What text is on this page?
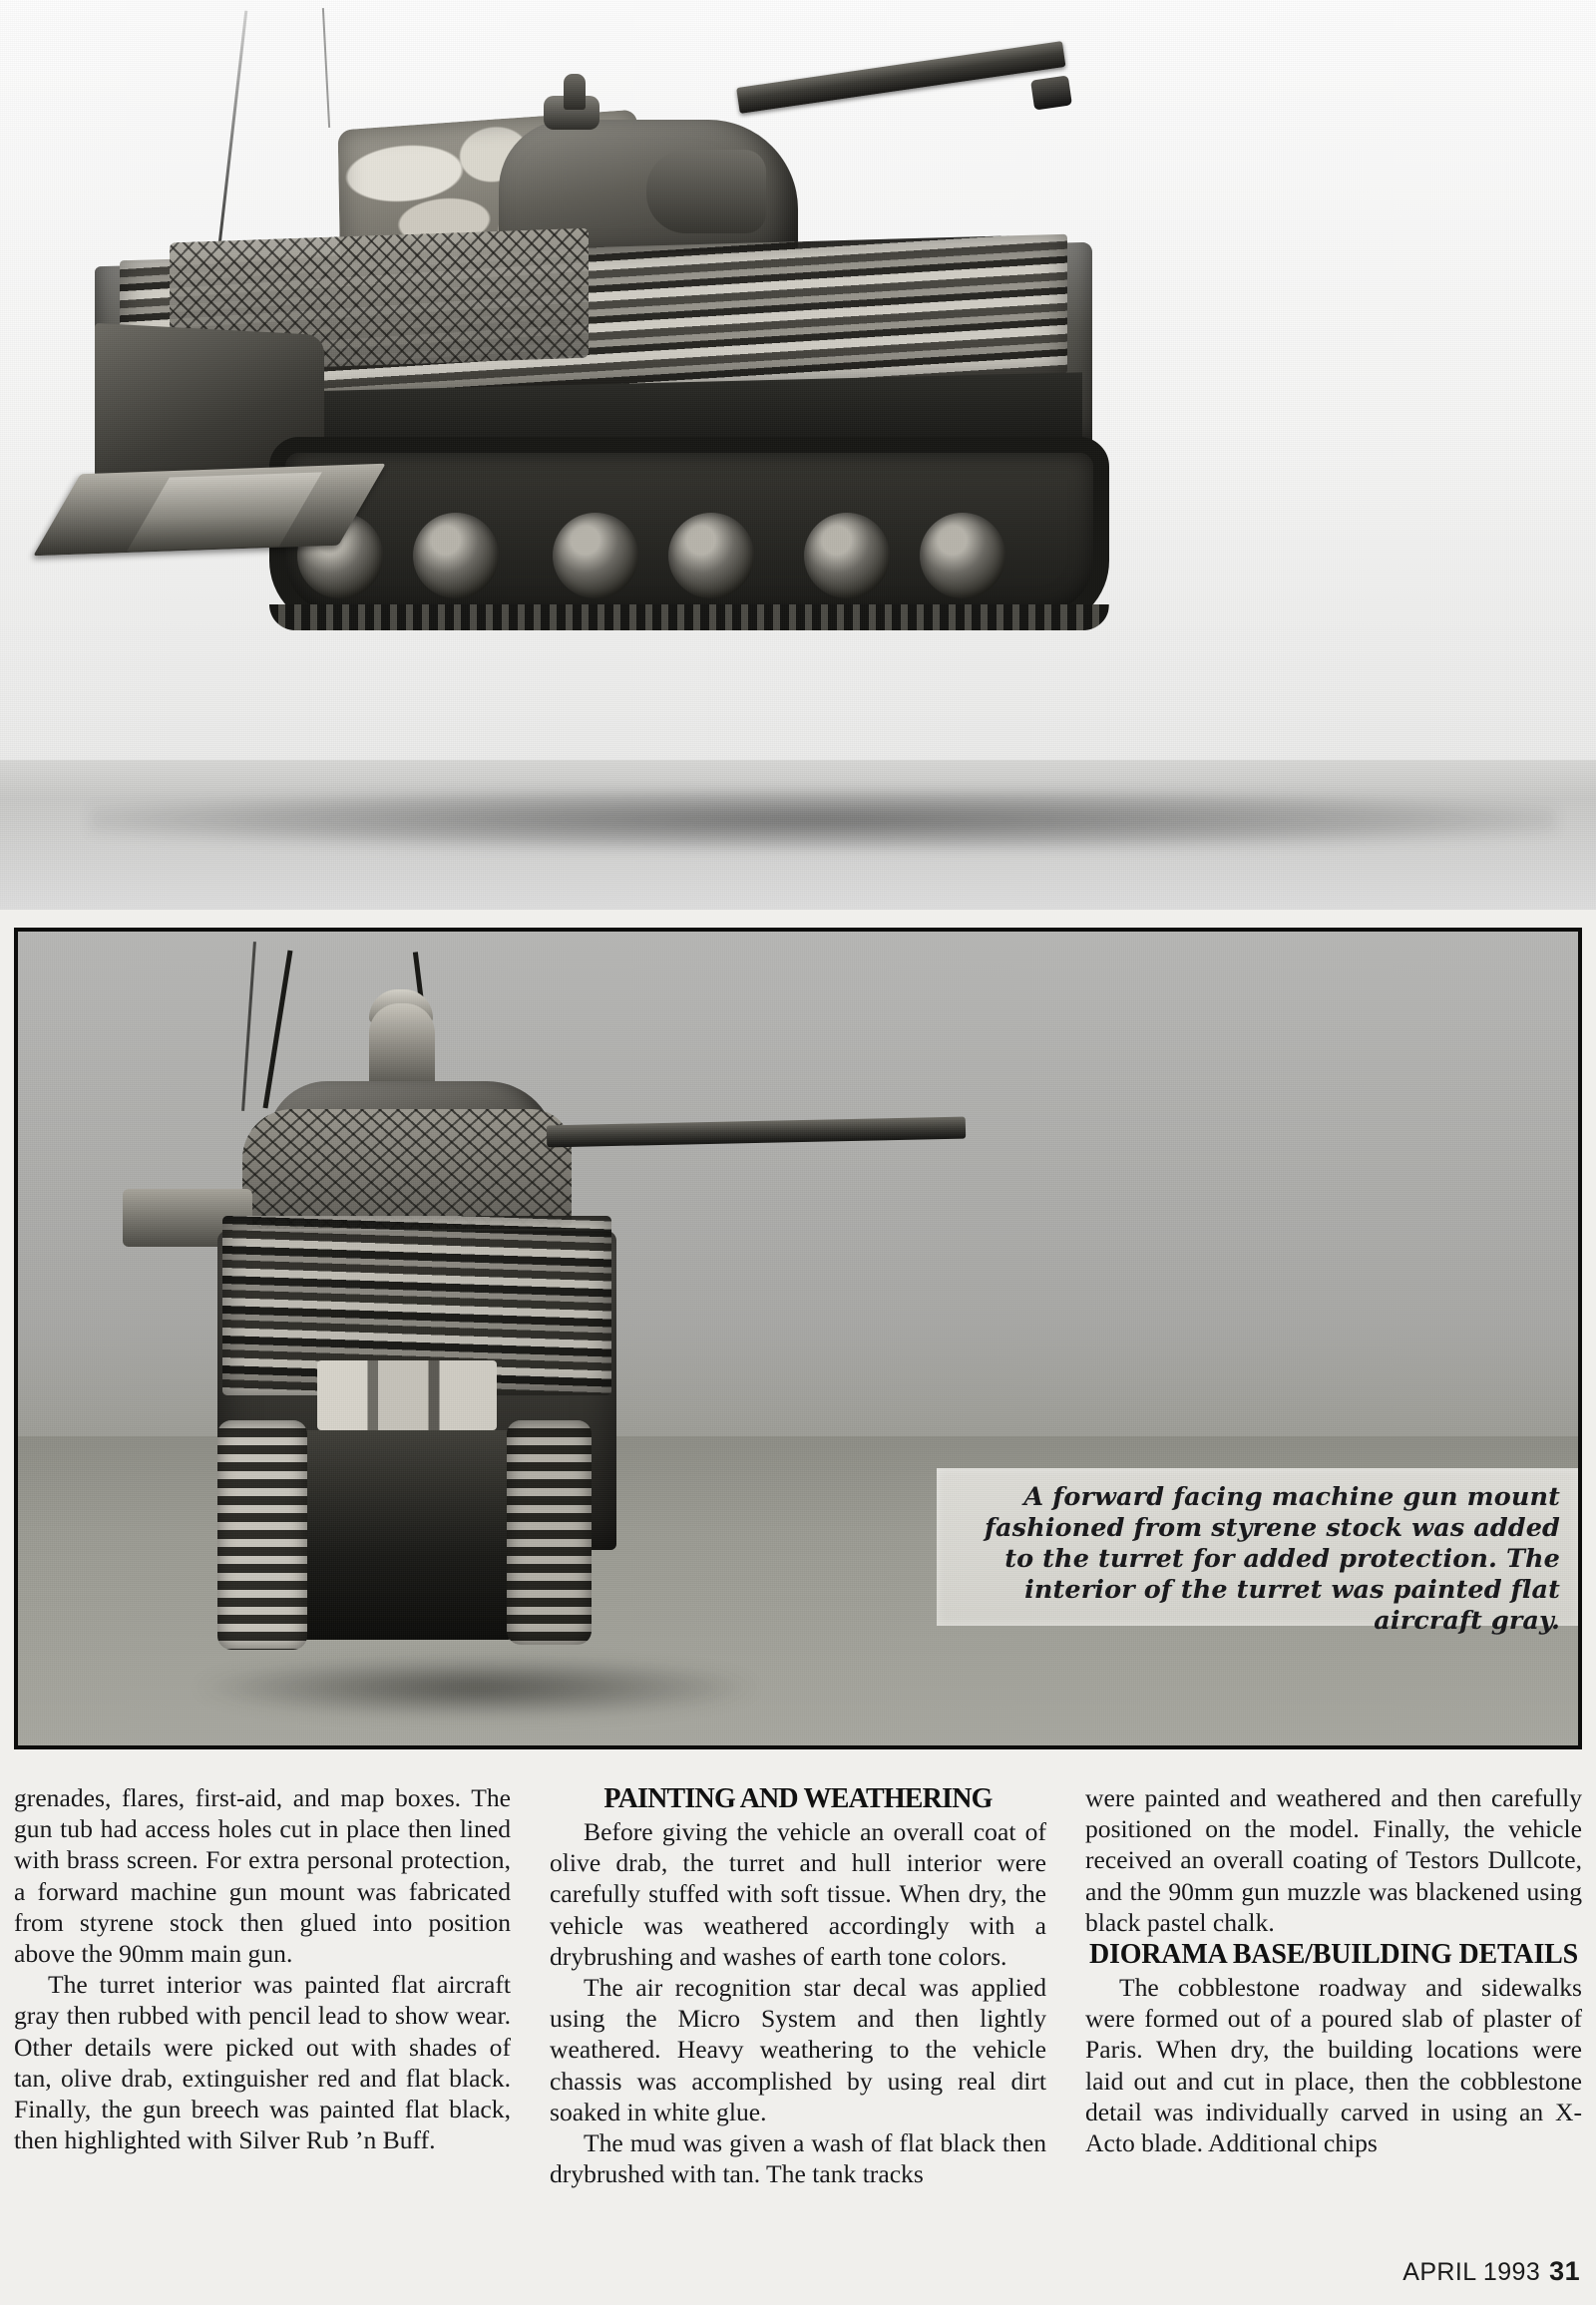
A forward facing machine gun mount fashioned from styrene stock was added to the turret for added protection. The interior of the turret was painted flat aircraft gray.

grenades, flares, first-aid, and map boxes. The gun tub had access holes cut in place then lined with brass screen. For extra personal protection, a forward machine gun mount was fabricated from styrene stock then glued into position above the 90mm main gun.

The turret interior was painted flat aircraft gray then rubbed with pencil lead to show wear. Other details were picked out with shades of tan, olive drab, extinguisher red and flat black. Finally, the gun breech was painted flat black, then highlighted with Silver Rub ’n Buff.

PAINTING AND WEATHERING

Before giving the vehicle an overall coat of olive drab, the turret and hull interior were carefully stuffed with soft tissue. When dry, the vehicle was weathered accordingly with a drybrushing and washes of earth tone colors.

The air recognition star decal was applied using the Micro System and then lightly weathered. Heavy weathering to the vehicle chassis was accomplished by using real dirt soaked in white glue.

The mud was given a wash of flat black then drybrushed with tan. The tank tracks

were painted and weathered and then carefully positioned on the model. Finally, the vehicle received an overall coating of Testors Dullcote, and the 90mm gun muzzle was blackened using black pastel chalk.

DIORAMA BASE/BUILDING DETAILS

The cobblestone roadway and sidewalks were formed out of a poured slab of plaster of Paris. When dry, the building locations were laid out and cut in place, then the cobblestone detail was individually carved in using an X-Acto blade. Additional chips

APRIL 1993 31
